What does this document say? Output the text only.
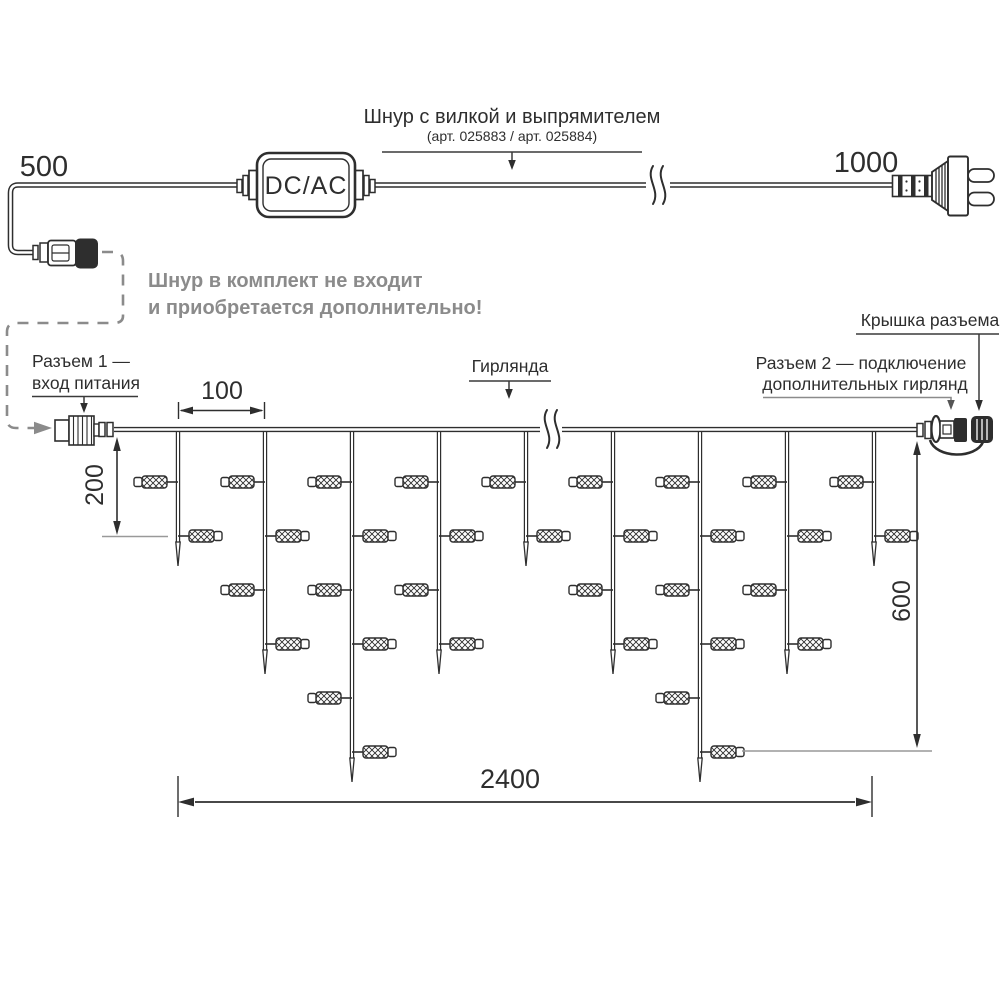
DC/AC
500	1000
Шнур с вилкой и выпрямителем
(арт. 025883 / арт. 025884)
Шнур в комплект не входит
и приобретается дополнительно!
Разъем 1 —
вход питания
Гирлянда	Разъем 2 — подключение
дополнительных гирлянд
Крышка разъема
100
200
600
2400
